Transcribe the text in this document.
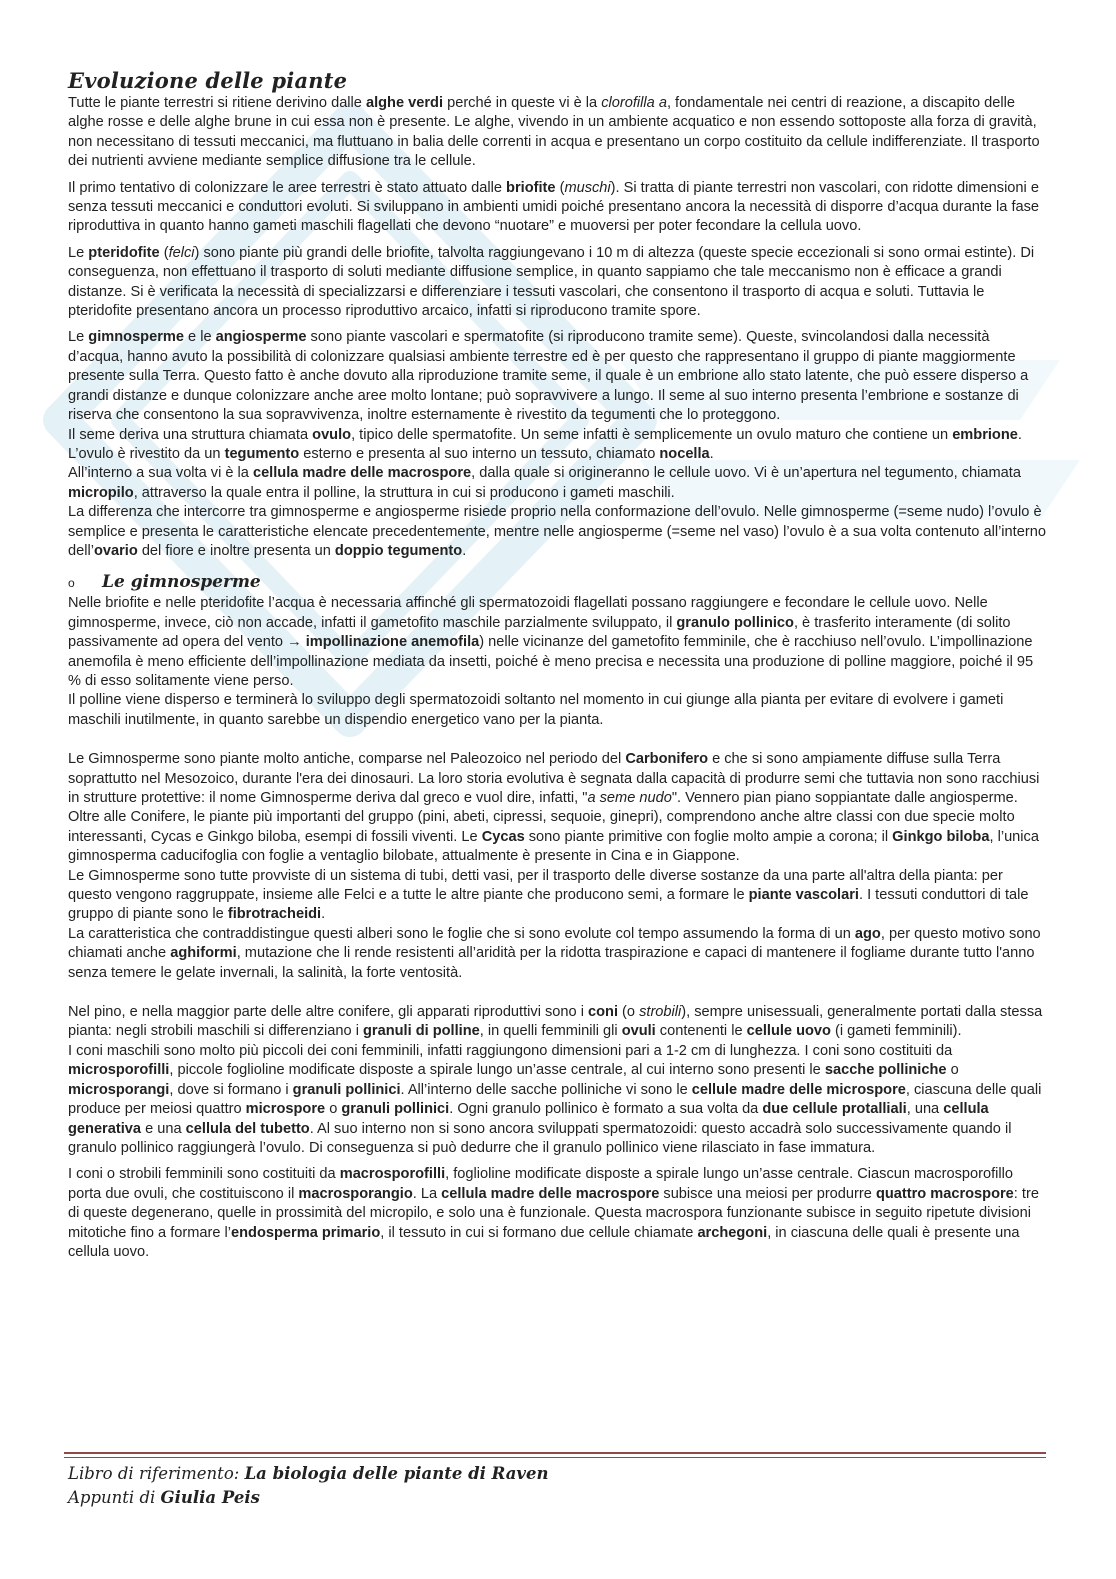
Evoluzione delle piante

Tutte le piante terrestri si ritiene derivino dalle alghe verdi perché in queste vi è la clorofilla a, fondamentale nei centri di reazione, a discapito delle alghe rosse e delle alghe brune in cui essa non è presente. Le alghe, vivendo in un ambiente acquatico e non essendo sottoposte alla forza di gravità, non necessitano di tessuti meccanici, ma fluttuano in balia delle correnti in acqua e presentano un corpo costituito da cellule indifferenziate. Il trasporto dei nutrienti avviene mediante semplice diffusione tra le cellule.

Il primo tentativo di colonizzare le aree terrestri è stato attuato dalle briofite (muschi). Si tratta di piante terrestri non vascolari, con ridotte dimensioni e senza tessuti meccanici e conduttori evoluti. Si sviluppano in ambienti umidi poiché presentano ancora la necessità di disporre d’acqua durante la fase riproduttiva in quanto hanno gameti maschili flagellati che devono “nuotare” e muoversi per poter fecondare la cellula uovo.

Le pteridofite (felci) sono piante più grandi delle briofite, talvolta raggiungevano i 10 m di altezza (queste specie eccezionali si sono ormai estinte). Di conseguenza, non effettuano il trasporto di soluti mediante diffusione semplice, in quanto sappiamo che tale meccanismo non è efficace a grandi distanze. Si è verificata la necessità di specializzarsi e differenziare i tessuti vascolari, che consentono il trasporto di acqua e soluti. Tuttavia le pteridofite presentano ancora un processo riproduttivo arcaico, infatti si riproducono tramite spore.

Le gimnosperme e le angiosperme sono piante vascolari e spermatofite (si riproducono tramite seme). Queste, svincolandosi dalla necessità d’acqua, hanno avuto la possibilità di colonizzare qualsiasi ambiente terrestre ed è per questo che rappresentano il gruppo di piante maggiormente presente sulla Terra. Questo fatto è anche dovuto alla riproduzione tramite seme, il quale è un embrione allo stato latente, che può essere disperso a grandi distanze e dunque colonizzare anche aree molto lontane; può sopravvivere a lungo. Il seme al suo interno presenta l’embrione e sostanze di riserva che consentono la sua sopravvivenza, inoltre esternamente è rivestito da tegumenti che lo proteggono.

Il seme deriva una struttura chiamata ovulo, tipico delle spermatofite. Un seme infatti è semplicemente un ovulo maturo che contiene un embrione. L’ovulo è rivestito da un tegumento esterno e presenta al suo interno un tessuto, chiamato nocella.

All’interno a sua volta vi è la cellula madre delle macrospore, dalla quale si origineranno le cellule uovo. Vi è un’apertura nel tegumento, chiamata micropilo, attraverso la quale entra il polline, la struttura in cui si producono i gameti maschili.

La differenza che intercorre tra gimnosperme e angiosperme risiede proprio nella conformazione dell’ovulo. Nelle gimnosperme (=seme nudo) l’ovulo è semplice e presenta le caratteristiche elencate precedentemente, mentre nelle angiosperme (=seme nel vaso) l’ovulo è a sua volta contenuto all’interno dell’ovario del fiore e inoltre presenta un doppio tegumento.

o Le gimnosperme

Nelle briofite e nelle pteridofite l’acqua è necessaria affinché gli spermatozoidi flagellati possano raggiungere e fecondare le cellule uovo. Nelle gimnosperme, invece, ciò non accade, infatti il gametofito maschile parzialmente sviluppato, il granulo pollinico, è trasferito interamente (di solito passivamente ad opera del vento → impollinazione anemofila) nelle vicinanze del gametofito femminile, che è racchiuso nell’ovulo. L’impollinazione anemofila è meno efficiente dell’impollinazione mediata da insetti, poiché è meno precisa e necessita una produzione di polline maggiore, poiché il 95 % di esso solitamente viene perso.

Il polline viene disperso e terminerà lo sviluppo degli spermatozoidi soltanto nel momento in cui giunge alla pianta per evitare di evolvere i gameti maschili inutilmente, in quanto sarebbe un dispendio energetico vano per la pianta.

Le Gimnosperme sono piante molto antiche, comparse nel Paleozoico nel periodo del Carbonifero e che si sono ampiamente diffuse sulla Terra soprattutto nel Mesozoico, durante l'era dei dinosauri. La loro storia evolutiva è segnata dalla capacità di produrre semi che tuttavia non sono racchiusi in strutture protettive: il nome Gimnosperme deriva dal greco e vuol dire, infatti, "a seme nudo". Vennero pian piano soppiantate dalle angiosperme.

Oltre alle Conifere, le piante più importanti del gruppo (pini, abeti, cipressi, sequoie, ginepri), comprendono anche altre classi con due specie molto interessanti, Cycas e Ginkgo biloba, esempi di fossili viventi. Le Cycas sono piante primitive con foglie molto ampie a corona; il Ginkgo biloba, l’unica gimnosperma caducifoglia con foglie a ventaglio bilobate, attualmente è presente in Cina e in Giappone.

Le Gimnosperme sono tutte provviste di un sistema di tubi, detti vasi, per il trasporto delle diverse sostanze da una parte all'altra della pianta: per questo vengono raggruppate, insieme alle Felci e a tutte le altre piante che producono semi, a formare le piante vascolari. I tessuti conduttori di tale gruppo di piante sono le fibrotracheidi.

La caratteristica che contraddistingue questi alberi sono le foglie che si sono evolute col tempo assumendo la forma di un ago, per questo motivo sono chiamati anche aghiformi, mutazione che li rende resistenti all’aridità per la ridotta traspirazione e capaci di mantenere il fogliame durante tutto l'anno senza temere le gelate invernali, la salinità, la forte ventosità.

Nel pino, e nella maggior parte delle altre conifere, gli apparati riproduttivi sono i coni (o strobili), sempre unisessuali, generalmente portati dalla stessa pianta: negli strobili maschili si differenziano i granuli di polline, in quelli femminili gli ovuli contenenti le cellule uovo (i gameti femminili).

I coni maschili sono molto più piccoli dei coni femminili, infatti raggiungono dimensioni pari a 1-2 cm di lunghezza. I coni sono costituiti da microsporofilli, piccole foglioline modificate disposte a spirale lungo un’asse centrale, al cui interno sono presenti le sacche polliniche o microsporangi, dove si formano i granuli pollinici. All’interno delle sacche polliniche vi sono le cellule madre delle microspore, ciascuna delle quali produce per meiosi quattro microspore o granuli pollinici. Ogni granulo pollinico è formato a sua volta da due cellule protalliali, una cellula generativa e una cellula del tubetto. Al suo interno non si sono ancora sviluppati spermatozoidi: questo accadrà solo successivamente quando il granulo pollinico raggiungerà l’ovulo. Di conseguenza si può dedurre che il granulo pollinico viene rilasciato in fase immatura.

I coni o strobili femminili sono costituiti da macrosporofilli, foglioline modificate disposte a spirale lungo un’asse centrale. Ciascun macrosporofillo porta due ovuli, che costituiscono il macrosporangio. La cellula madre delle macrospore subisce una meiosi per produrre quattro macrospore: tre di queste degenerano, quelle in prossimità del micropilo, e solo una è funzionale. Questa macrospora funzionante subisce in seguito ripetute divisioni mitotiche fino a formare l’endosperma primario, il tessuto in cui si formano due cellule chiamate archegoni, in ciascuna delle quali è presente una cellula uovo.

Libro di riferimento: La biologia delle piante di Raven
Appunti di Giulia Peis
